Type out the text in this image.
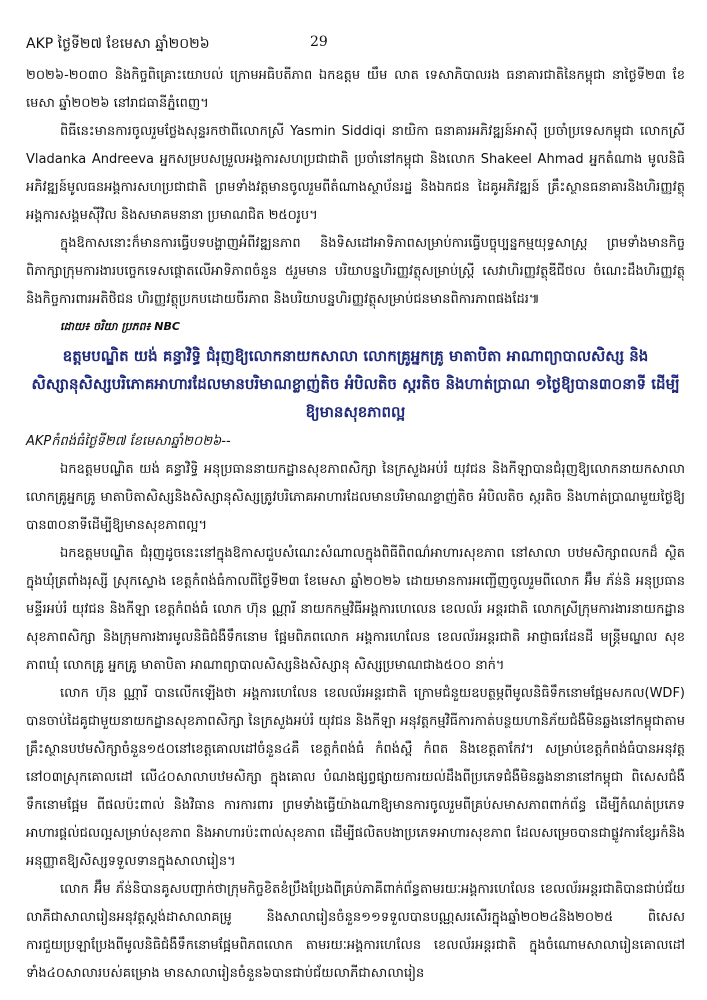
AKP ថ្ងៃទី២៧ ខែមេសា ឆ្នាំ២០២៦	29

២០២៦-២០៣០ និងកិច្ចពិគ្រោះយោបល់ ក្រោមអធិបតីភាព ឯកឧត្តម យឹម លាត ទេសាភិបាលរង ធនាគារជាតិនៃកម្ពុជា នាថ្ងៃទី២៣ ខែមេសា ឆ្នាំ២០២៦ នៅរាជធានីភ្នំពេញ។

ពិធីនេះមានការចូលរួមថ្លែងសុន្ទរកថាពីលោកស្រី Yasmin Siddiqi នាយិកា ធនាគារអភិវឌ្ឍន៍អាស៊ី ប្រចាំប្រទេសកម្ពុជា លោកស្រី Vladanka Andreeva អ្នកសម្របសម្រួលអង្គការសហប្រជាជាតិ ប្រចាំនៅកម្ពុជា និងលោក Shakeel Ahmad អ្នកតំណាង មូលនិធិអភិវឌ្ឍន៍មូលធនអង្គការសហប្រជាជាតិ ព្រមទាំងវត្តមានចូលរួមពីតំណាងស្ថាប័នរដ្ឋ និងឯកជន ដៃគូអភិវឌ្ឍន៍ គ្រឹះស្ថានធនាគារនិងហិរញ្ញវត្ថុ អង្គការសង្គមស៊ីវិល និងសមាគមនានា ប្រមាណជិត ២៥០រូប។

ក្នុងឱកាសនោះក៏មានការធ្វើបទបង្ហាញអំពីវឌ្ឍនភាព និងទិសដៅអាទិភាពសម្រាប់ការធ្វើបច្ចុប្បន្នកម្មយុទ្ធសាស្ត្រ ព្រមទាំងមានកិច្ចពិភាក្សាក្រុមការងារបច្ចេកទេសផ្តោតលើអាទិភាពចំនួន ៥រួមមាន បរិយាបន្នហិរញ្ញវត្ថុសម្រាប់ស្ត្រី សេវាហិរញ្ញវត្ថុឌីជីថល ចំណេះដឹងហិរញ្ញវត្ថុនិងកិច្ចការពារអតិថិជន ហិរញ្ញវត្ថុប្រកបដោយចីរភាព និងបរិយាបន្នហិរញ្ញវត្ថុសម្រាប់ជនមានពិការភាពផងដែរ៕

ដោយ៖ ចរិយា ប្រភព៖ NBC

ឧត្តមបណ្ឌិត យង់ គន្ធាវិទ្ធិ ជំរុញឱ្យលោកនាយកសាលា លោកគ្រូអ្នកគ្រូ មាតាបិតា អាណាព្យាបាលសិស្ស និងសិស្សានុសិស្សបរិភោគអាហារដែលមានបរិមាណខ្លាញ់តិច អំបិលតិច ស្ករតិច និងហាត់ប្រាណ ១ថ្ងៃឱ្យបាន៣០នាទី ដើម្បីឱ្យមានសុខភាពល្អ

AKPកំពង់ធំថ្ងៃទី២៧ ខែមេសាឆ្នាំ២០២៦--

ឯកឧត្តមបណ្ឌិត យង់ គន្ធាវិទ្ធិ អនុប្រធាននាយកដ្ឋានសុខភាពសិក្សា នៃក្រសួងអប់រំ យុវជន និងកីឡាបានជំរុញឱ្យលោកនាយកសាលា លោកគ្រូអ្នកគ្រូ មាតាបិតាសិស្សនិងសិស្សានុសិស្សត្រូវបរិភោគអាហារដែលមានបរិមាណខ្លាញ់តិច អំបិលតិច ស្ករតិច និងហាត់ប្រាណមួយថ្ងៃឱ្យបាន៣០នាទីដើម្បីឱ្យមានសុខភាពល្អ។

ឯកឧត្តមបណ្ឌិត ជំរុញដូចនេះនៅក្នុងឱកាសជួបសំណេះសំណាលក្នុងពិធីពិពណ៌អាហារសុខភាព នៅសាលា បឋមសិក្សាពលកដ៏ ស្ថិតក្នុងឃុំត្រពាំងរុស្សី ស្រុកស្ទោង ខេត្តកំពង់ធំកាលពីថ្ងៃទី២៣ ខែមេសា ឆ្នាំ២០២៦ ដោយមានការអញ្ជើញចូលរួមពីលោក អ៊ឹម ភ័ន់និ អនុប្រធានមន្ទីរអប់រំ យុវជន និងកីឡា ខេត្តកំពង់ធំ លោក ហ៊ុន ណ្ណារី នាយកកម្មវិធីអង្គការហេលេន ខេលល័រ អន្តរជាតិ លោកស្រីក្រុមការងារនាយកដ្ឋានសុខភាពសិក្សា និងក្រុមការងារមូលនិធិជំងឺទឹកនោម ផ្អែមពិភពលោក អង្គការហេលែន ខេលល័រអន្តរជាតិ អាជ្ញាធរដែនដី មន្ត្រីមណ្ឌល សុខភាពឃុំ លោកគ្រូ អ្នកគ្រូ មាតាបិតា អាណាព្យាបាលសិស្សនិងសិស្សានុ សិស្សប្រមាណជាង៥០០ នាក់។

លោក ហ៊ុន ណ្ណារី បានលើកឡើងថា អង្គការហេលែន ខេលល័រអន្តរជាតិ ក្រោមជំនួយឧបត្ថម្ភពីមូលនិធិទឹកនោមផ្អែមសកល(WDF) បានចាប់ដៃគូជាមួយនាយកដ្ឋានសុខភាពសិក្សា នៃក្រសួងអប់រំ យុវជន និងកីឡា អនុវត្តកម្មវិធីការកាត់បន្ថយហានិភ័យជំងឺមិនឆ្លងនៅកម្ពុជាតាមគ្រឹះស្ថានបឋមសិក្សាចំនួន១៥០នៅខេត្តគោលដៅចំនួន៤គឺ ខេត្តកំពង់ធំ កំពង់ស្ពឺ កំពត និងខេត្តតាកែវ។ សម្រាប់ខេត្តកំពង់ធំបានអនុវត្តនៅ០៣ស្រុកគោលដៅ លើ៤០សាលាបឋមសិក្សា ក្នុងគោល បំណងផ្សព្វផ្សាយការយល់ដឹងពីប្រភេទជំងឺមិនឆ្លងនានានៅកម្ពុជា ពិសេសជំងឺទឹកនោមផ្អែម ពីផលប៉ះពាល់ និងវិធាន ការការពារ ព្រមទាំងធ្វើយ៉ាងណាឱ្យមានការចូលរួមពីគ្រប់សមាសភាពពាក់ព័ន្ធ ដើម្បីកំណត់ប្រភេទអាហារផ្ដល់ជលល្អសម្រាប់សុខភាព និងអាហារប៉ះពាល់សុខភាព ដើម្បីផលិតបងាប្រភេទអាហារសុខភាព ដែលសម្រេចបានជាផ្លូវការខ្សែរកំនិងអនុញ្ញាតឱ្យសិស្សទទួលទានក្នុងសាលារៀន។

លោក អ៊ឹម ភ័ន់និបានគូសបញ្ជាក់ថាក្រុមកិច្ចខិតខំប្រឹងប្រែងពីគ្រប់ភាគីពាក់ព័ន្ធតាមរយៈអង្គការហេលែន ខេលល័រអន្តរជាតិបានជាប់ជ័យលាភីជាសាលារៀនអនុវត្តស្តង់ដាសាលាគម្រូ និងសាលារៀនចំនួន១១ទទួលបានបណ្ណសរសើរក្នុងឆ្នាំ២០២៤និង២០២៥ ពិសេសការជួយប្រឡាប្រែងពីមូលនិធិជំងឺទឹកនោមផ្អែមពិភពលោក តាមរយៈអង្គការហេលែន ខេលល័រអន្តរជាតិ ក្នុងចំណោមសាលារៀនគោលដៅទាំង៤០សាលារបស់គម្រោង មានសាលារៀនចំនួន៦បានជាប់ជ័យលាភីជាសាលារៀន
